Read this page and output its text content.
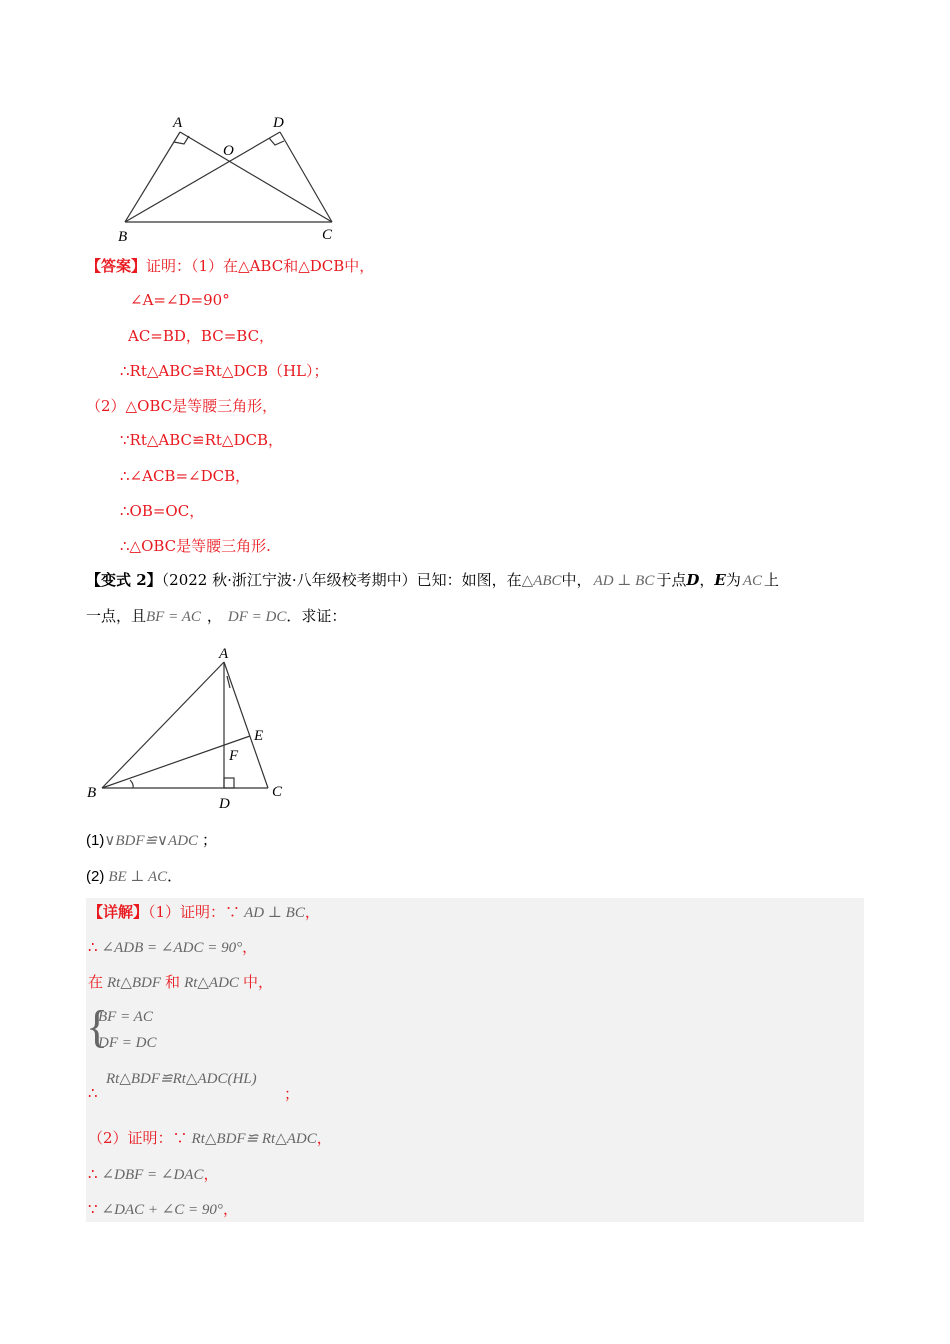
A	D
O
B	C
【答案】证明：（1）在△ABC和△DCB中，
∠A=∠D=90°
AC=BD，BC=BC，
∴Rt△ABC≌Rt△DCB（HL）；
（2）△OBC是等腰三角形，
∵Rt△ABC≌Rt△DCB，
∴∠ACB=∠DCB，
∴OB=OC，
∴△OBC是等腰三角形.
【变式 2】（2022 秋·浙江宁波·八年级校考期中）已知：如图，在△ABC中， AD ⊥ BC 于点D，E为 AC 上
一点，且BF = AC ， DF = DC．求证：
A
B	C
D
E
F
(1)∨BDF≌∨ADC ；
(2) BE ⊥ AC．
【详解】（1）证明：∵ AD ⊥ BC，
∴ ∠ADB = ∠ADC = 90°，
在 Rt△BDF 和 Rt△ADC 中，
{
BF = AC
DF = DC
∴
Rt△BDF≌Rt△ADC(HL)
；
（2）证明：∵ Rt△BDF≌ Rt△ADC，
∴ ∠DBF = ∠DAC，
∵ ∠DAC + ∠C = 90°，
